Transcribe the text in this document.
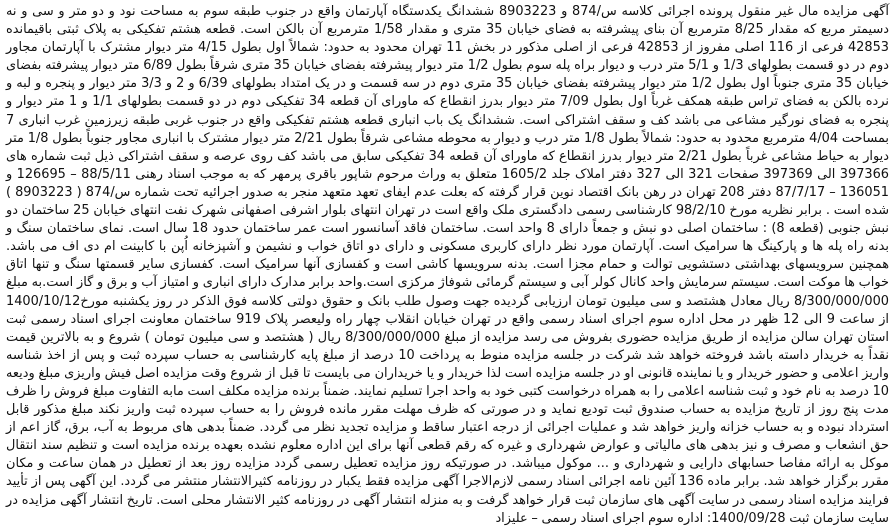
آگهی مزایده مال غیر منقول پرونده اجرائی کلاسه س/874 و 8903223 ششدانگ یکدستگاه آپارتمان واقع در جنوب طبقه سوم به مساحت نود و دو متر و سی و نه دسیمتر مربع که مقدار 8/25 مترمربع آن بنای پیشرفته به فضای خیابان 35 متری و مقدار 1/58 مترمربع آن بالکن است. قطعه هشتم تفکیکی به پلاک ثبتی باقیمانده 42853 فرعی از 116 اصلی مفروز از 42853 فرعی از اصلی مذکور در بخش 11 تهران محدود به حدود: شمالاً اول بطول 4/15 متر دیوار مشترک با آپارتمان مجاور دوم در دو قسمت بطولهای 1/3 و 5/1 متر درب و دیوار براه پله سوم بطول 1/2 متر دیوار پیشرفته بفضای خیابان 35 متری شرقاً بطول 6/89 متر دیوار پیشرفته بفضای خیابان 35 متری جنوباً اول بطول 1/2 متر دیوار پیشرفته بفضای خیابان 35 متری دوم در سه قسمت و در یک امتداد بطولهای 6/39 و 2 و 3/3 متر دیوار و پنجره و لبه و نرده بالکن به فضای تراس طبقه همکف غرباً اول بطول 7/09 متر دیوار بدرز انقطاع که ماورای آن قطعه 34 تفکیکی دوم در دو قسمت بطولهای 1/1 و 1 متر دیوار و پنجره به فضای نورگیر مشاعی می باشد کف و سقف اشتراکی است. ششدانگ یک باب انباری قطعه هشتم تفکیکی واقع در جنوب غربی طبقه زیرزمین غرب انباری 7 بمساحت 4/04 مترمربع محدود به حدود: شمالاً بطول 1/8 متر درب و دیوار به محوطه مشاعی شرقاً بطول 2/21 متر دیوار مشترک با انباری مجاور جنوباً بطول 1/8 متر دیوار به حیاط مشاعی غرباً بطول 2/21 متر دیوار بدرز انقطاع که ماورای آن قطعه 34 تفکیکی سابق می باشد کف روی عرصه و سقف اشتراکی ذیل ثبت شماره های 397366 الی 397369 صفحات 321 الی 327 دفتر املاک جلد 1605/2 متعلق به وراث مرحوم شاپور باقری پرمهر که به موجب اسناد رهنی 88/5/11 – 126695 و 136051 – 87/7/17 دفتر 208 تهران در رهن بانک اقتصاد نوین قرار گرفته که بعلت عدم ایفای تعهد متعهد منجر به صدور اجرائیه تحت شماره س/874 ( 8903223 ) شده است . برابر نظریه مورخ 98/2/10 کارشناسی رسمی دادگستری ملک واقع است در تهران انتهای بلوار اشرفی اصفهانی شهرک نفت انتهای خیابان 25 ساختمان دو نبش جنوبی (قطعه 8) : ساختمان اصلی دو نبش و جمعاً دارای 8 واحد است. ساختمان فاقد آسانسور است عمر ساختمان حدود 18 سال است. نمای ساختمان سنگ و بدنه راه پله ها و پارکینگ ها سرامیک است. آپارتمان مورد نظر دارای کاربری مسکونی و دارای دو اتاق خواب و نشیمن و آشپزخانه اُپن با کابینت ام دی اف می باشد. همچنین سرویسهای بهداشتی دستشویی توالت و حمام مجزا است. بدنه سرویسها کاشی است و کفسازی آنها سرامیک است. کفسازی سایر قسمتها سنگ و تنها اتاق خواب ها موکت است. سیستم سرمایش واحد کانال کولر آبی و سیستم گرمائی شوفاژ مرکزی است.واحد برابر مدارک دارای انباری و امتیاز آب و برق و گاز است.به مبلغ 8/300/000/000 ریال معادل هشتصد و سی میلیون تومان ارزیابی گردیده جهت وصول طلب بانک و حقوق دولتی کلاسه فوق الذکر در روز یکشنبه مورخ1400/10/12 از ساعت 9 الی 12 ظهر در محل اداره سوم اجرای اسناد رسمی واقع در تهران خیابان انقلاب چهار راه ولیعصر پلاک 919 ساختمان معاونت اجرای اسناد رسمی ثبت استان تهران سالن مزایده از طریق مزایده حضوری بفروش می رسد مزایده از مبلغ 8/300/000/000 ریال ( هشتصد و سی میلیون تومان ) شروع و به بالاترین قیمت نقداً به خریدار داسته باشد فروخته خواهد شد شرکت در جلسه مزایده منوط به پرداخت 10 درصد از مبلغ پایه کارشناسی به حساب سپرده ثبت و پس از اخذ شناسه واریز اعلامی و حضور خریدار و یا نماینده قانونی او در جلسه مزایده است لذا خریدار و یا خریداران می بایست تا قبل از شروع وقت مزایده اصل فیش واریزی مبلغ ودیعه 10 درصد به نام خود و ثبت شناسه اعلامی را به همراه درخواست کتبی خود به واحد اجرا تسلیم نمایند. ضمناً برنده مزایده مکلف است مابه التفاوت مبلغ فروش را ظرف مدت پنج روز از تاریخ مزایده به حساب صندوق ثبت تودیع نماید و در صورتی که ظرف مهلت مقرر مانده فروش را به حساب سپرده ثبت واریز نکند مبلغ مذکور قابل استرداد نبوده و به حساب خزانه واریز خواهد شد و عملیات اجرائی از درجه اعتبار ساقط و مزایده تجدید نظر می گردد. ضمناً بدهی های مربوط به آب، برق، گاز اعم از حق انشعاب و مصرف و نیز بدهی های مالیاتی و عوارض شهرداری و غیره که رقم قطعی آنها برای این اداره معلوم نشده بعهده برنده مزایده است و تنظیم سند انتقال موکل به ارائه مفاصا حسابهای دارایی و شهرداری و ... موکول میباشد. در صورتیکه روز مزایده تعطیل رسمی گردد مزایده روز بعد از تعطیل در همان ساعت و مکان مقرر برگزار خواهد شد. برابر ماده 136 آئین نامه اجرائی اسناد رسمی لازم‌الاجرا آگهی مزایده فقط یکبار در روزنامه کثیرالانتشار منتشر می گردد. این آگهی پس از تأیید فرایند مزایده اسناد رسمی در سایت آگهی های سازمان ثبت قرار خواهد گرفت و به منزله انتشار آگهی در روزنامه کثیر الانتشار محلی است. تاریخ انتشار آگهی مزایده در سایت سازمان ثبت 1400/09/28: اداره سوم اجرای اسناد رسمی – علیزاد
